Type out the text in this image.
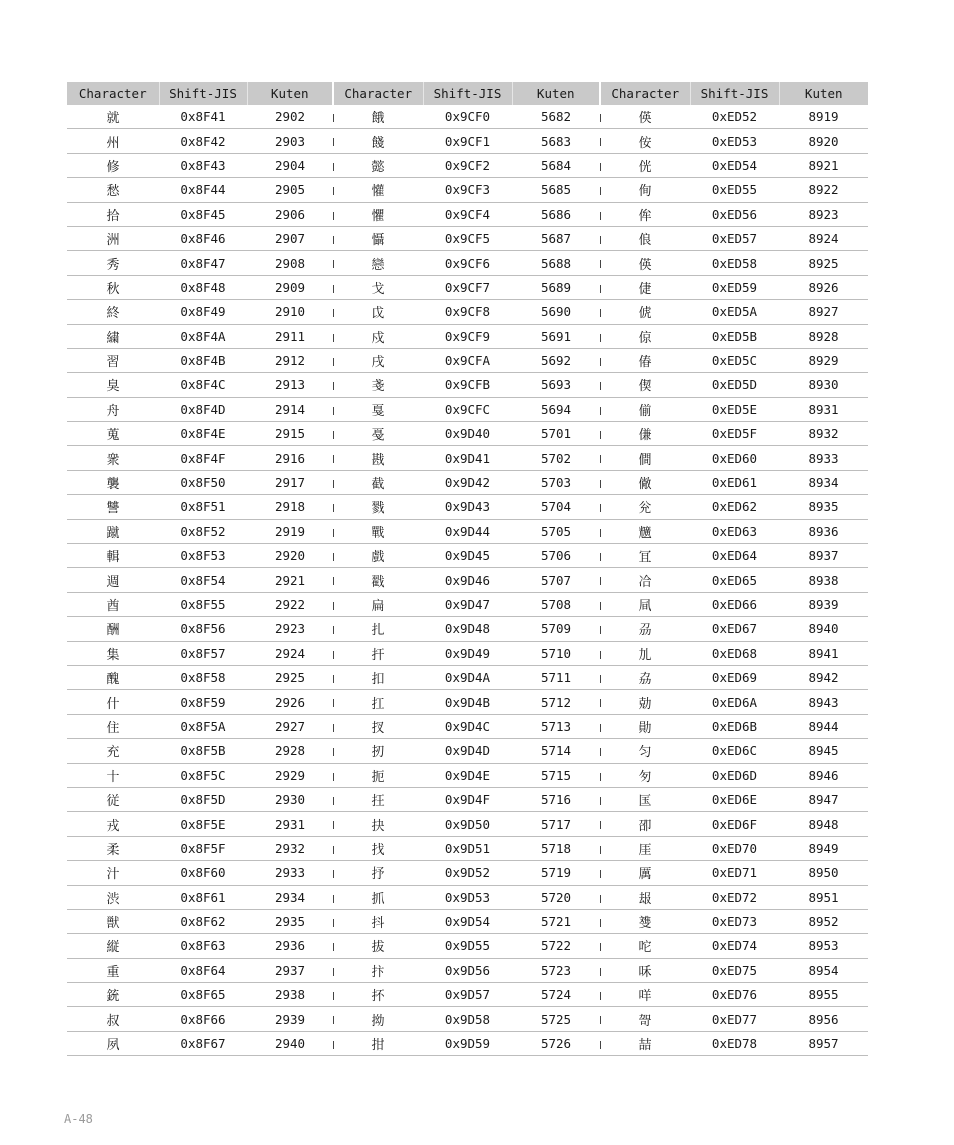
Character	Shift-JIS	Kuten	Character	Shift-JIS	Kuten	Character	Shift-JIS	Kuten
就	0x8F41	2902	餓	0x9CF0	5682	偀	0xED52	8919
州	0x8F42	2903	餞	0x9CF1	5683	侒	0xED53	8920
修	0x8F43	2904	懿	0x9CF2	5684	侊	0xED54	8921
愁	0x8F44	2905	懽	0x9CF3	5685	侚	0xED55	8922
拾	0x8F45	2906	懼	0x9CF4	5686	侔	0xED56	8923
洲	0x8F46	2907	懾	0x9CF5	5687	俍	0xED57	8924
秀	0x8F47	2908	戀	0x9CF6	5688	偀	0xED58	8925
秋	0x8F48	2909	戈	0x9CF7	5689	倢	0xED59	8926
終	0x8F49	2910	戉	0x9CF8	5690	俿	0xED5A	8927
繍	0x8F4A	2911	戍	0x9CF9	5691	倞	0xED5B	8928
習	0x8F4B	2912	戌	0x9CFA	5692	偆	0xED5C	8929
臭	0x8F4C	2913	戔	0x9CFB	5693	偰	0xED5D	8930
舟	0x8F4D	2914	戛	0x9CFC	5694	偂	0xED5E	8931
蒐	0x8F4E	2915	戞	0x9D40	5701	傔	0xED5F	8932
衆	0x8F4F	2916	戡	0x9D41	5702	僴	0xED60	8933
襲	0x8F50	2917	截	0x9D42	5703	僘	0xED61	8934
讐	0x8F51	2918	戮	0x9D43	5704	兊	0xED62	8935
蹴	0x8F52	2919	戰	0x9D44	5705	兤	0xED63	8936
輯	0x8F53	2920	戲	0x9D45	5706	冝	0xED64	8937
週	0x8F54	2921	戳	0x9D46	5707	冾	0xED65	8938
酋	0x8F55	2922	扁	0x9D47	5708	凬	0xED66	8939
酬	0x8F56	2923	扎	0x9D48	5709	刕	0xED67	8940
集	0x8F57	2924	扞	0x9D49	5710	劜	0xED68	8941
醜	0x8F58	2925	扣	0x9D4A	5711	劦	0xED69	8942
什	0x8F59	2926	扛	0x9D4B	5712	勀	0xED6A	8943
住	0x8F5A	2927	扠	0x9D4C	5713	勛	0xED6B	8944
充	0x8F5B	2928	扨	0x9D4D	5714	匀	0xED6C	8945
十	0x8F5C	2929	扼	0x9D4E	5715	匇	0xED6D	8946
従	0x8F5D	2930	抂	0x9D4F	5716	匤	0xED6E	8947
戎	0x8F5E	2931	抉	0x9D50	5717	卲	0xED6F	8948
柔	0x8F5F	2932	找	0x9D51	5718	厓	0xED70	8949
汁	0x8F60	2933	抒	0x9D52	5719	厲	0xED71	8950
渋	0x8F61	2934	抓	0x9D53	5720	叝	0xED72	8951
獣	0x8F62	2935	抖	0x9D54	5721	﨎	0xED73	8952
縦	0x8F63	2936	拔	0x9D55	5722	咜	0xED74	8953
重	0x8F64	2937	抃	0x9D56	5723	咊	0xED75	8954
銃	0x8F65	2938	抔	0x9D57	5724	咩	0xED76	8955
叔	0x8F66	2939	拗	0x9D58	5725	哿	0xED77	8956
夙	0x8F67	2940	拑	0x9D59	5726	喆	0xED78	8957
A-48
